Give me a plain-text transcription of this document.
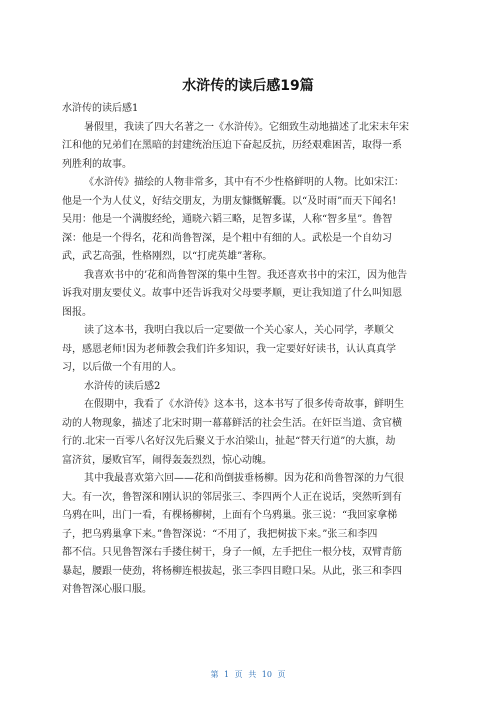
水浒传的读后感19篇
水浒传的读后感1
暑假里，我读了四大名著之一《水浒传》。它细致生动地描述了北宋末年宋
江和他的兄弟们在黑暗的封建统治压迫下奋起反抗，历经艰难困苦，取得一系
列胜利的故事。
《水浒传》描绘的人物非常多，其中有不少性格鲜明的人物。比如宋江：
他是一个为人仗义，好结交朋友，为朋友慷慨解囊。以“及时雨”而天下闻名!
吴用：他是一个满腹经纶，通晓六韬三略，足智多谋，人称“智多星”。鲁智
深：他是一个得名，花和尚鲁智深，是个粗中有细的人。武松是一个自幼习
武，武艺高强，性格刚烈，以“打虎英雄”著称。
我喜欢书中的’花和尚鲁智深的集中生智。我还喜欢书中的宋江，因为他告
诉我对朋友要仗义。故事中还告诉我对父母要孝顺，更让我知道了什么叫知恩
图报。
读了这本书，我明白我以后一定要做一个关心家人，关心同学，孝顺父
母，感恩老师!因为老师教会我们许多知识，我一定要好好读书，认认真真学
习，以后做一个有用的人。
水浒传的读后感2
在假期中，我看了《水浒传》这本书，这本书写了很多传奇故事，鲜明生
动的人物现象，描述了北宋时期一幕幕鲜活的社会生活。在奸臣当道、贪官横
行的.北宋一百零八名好汉先后聚义于水泊梁山，扯起“替天行道”的大旗，劫
富济贫，屡败官军，闹得轰轰烈烈，惊心动魄。
其中我最喜欢第六回——花和尚倒拔垂杨柳。因为花和尚鲁智深的力气很
大。有一次，鲁智深和刚认识的邻居张三、李四两个人正在说话，突然听到有
乌鸦在叫，出门一看，有棵杨柳树，上面有个乌鸦巢。张三说：“我回家拿梯
子，把乌鸦巢拿下来。”鲁智深说：“不用了，我把树拔下来。”张三和李四
都不信。只见鲁智深右手搂住树干，身子一倾，左手把住一根分枝，双臂青筋
暴起，腰跟一使劲，将杨柳连根拔起，张三李四目瞪口呆。从此，张三和李四
对鲁智深心服口服。
第 1 页 共 10 页
